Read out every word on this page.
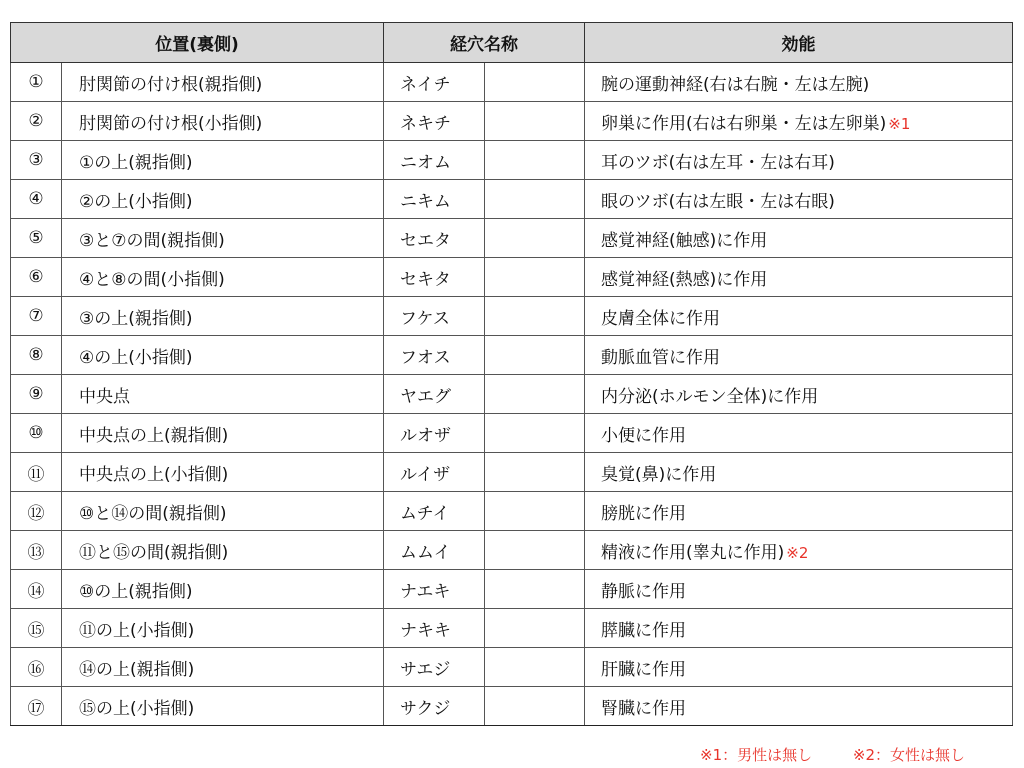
位置(裏側)		経穴名称		効能
①	肘関節の付け根(親指側)	ネイチ		腕の運動神経(右は右腕・左は左腕)
②	肘関節の付け根(小指側)	ネキチ		卵巣に作用(右は右卵巣・左は左卵巣) ※1
③	①の上(親指側)	ニオム		耳のツボ(右は左耳・左は右耳)
④	②の上(小指側)	ニキム		眼のツボ(右は左眼・左は右眼)
⑤	③と⑦の間(親指側)	セエタ		感覚神経(触感)に作用
⑥	④と⑧の間(小指側)	セキタ		感覚神経(熱感)に作用
⑦	③の上(親指側)	フケス		皮膚全体に作用
⑧	④の上(小指側)	フオス		動脈血管に作用
⑨	中央点	ヤエグ		内分泌(ホルモン全体)に作用
⑩	中央点の上(親指側)	ルオザ		小便に作用
⑪	中央点の上(小指側)	ルイザ		臭覚(鼻)に作用
⑫	⑩と⑭の間(親指側)	ムチイ		膀胱に作用
⑬	⑪と⑮の間(親指側)	ムムイ		精液に作用(睾丸に作用) ※2
⑭	⑩の上(親指側)	ナエキ		静脈に作用
⑮	⑪の上(小指側)	ナキキ		膵臓に作用
⑯	⑭の上(親指側)	サエジ		肝臓に作用
⑰	⑮の上(小指側)	サクジ		腎臓に作用
※1：男性は無し	※2：女性は無し
